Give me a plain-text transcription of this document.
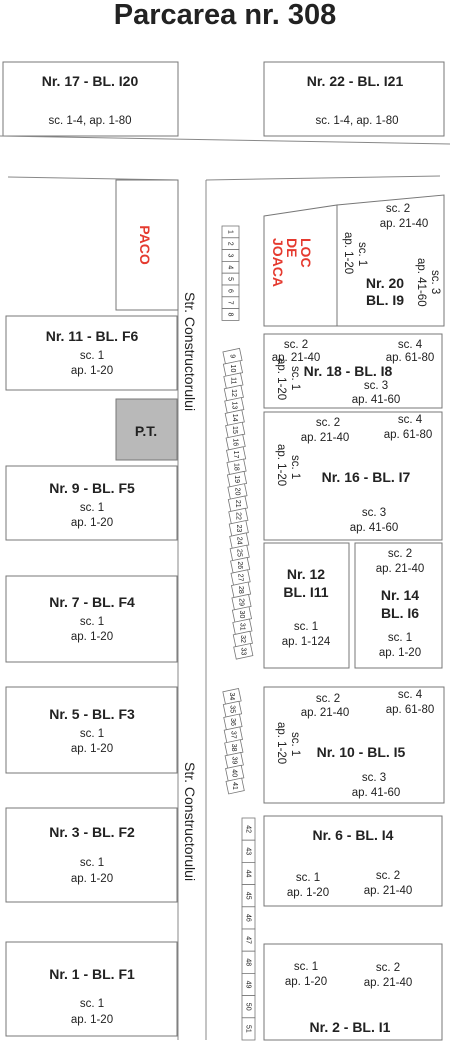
Parcarea nr. 308
Nr. 17 - BL. I20
sc. 1-4, ap. 1-80
Nr. 22 - BL. I21
sc. 1-4, ap. 1-80
Str. Constructorului
Str. Constructorului
PACO
P.T.
Nr. 11 - BL. F6
sc. 1
ap. 1-20
Nr. 9 - BL. F5
sc. 1
ap. 1-20
Nr. 7 - BL. F4
sc. 1
ap. 1-20
Nr. 5 - BL. F3
sc. 1
ap. 1-20
Nr. 3 - BL. F2
sc. 1
ap. 1-20
Nr. 1 - BL. F1
sc. 1
ap. 1-20
LOC
DE
JOACA	Nr. 20
BL. I9
sc. 2
ap. 21-40
sc. 1
ap. 1-20
sc. 3
ap. 41-60
Nr. 18 - BL. I8
sc. 2
ap. 21-40
sc. 4
ap. 61-80
sc. 3
ap. 41-60
sc. 1
ap. 1-20
Nr. 16 - BL. I7
sc. 2
ap. 21-40
sc. 4
ap. 61-80
sc. 3
ap. 41-60
sc. 1
ap. 1-20
Nr. 12
BL. I11
sc. 1
ap. 1-124
sc. 2
ap. 21-40
Nr. 14
BL. I6
sc. 1
ap. 1-20
Nr. 10 - BL. I5
sc. 2
ap. 21-40
sc. 4
ap. 61-80
sc. 3
ap. 41-60
sc. 1
ap. 1-20
Nr. 6 - BL. I4
sc. 1
ap. 1-20
sc. 2
ap. 21-40
sc. 1
ap. 1-20
sc. 2
ap. 21-40
Nr. 2 - BL. I1
1
2
3
4
5
6
7
8
9
10
11
12
13
14
15
16
17
18
19
20
21
22
23
24
25
26
27
28
29
30
31
32
33
34
35
36
37
38
39
40
41
42
43
44
45
46
47
48
49
50
51
